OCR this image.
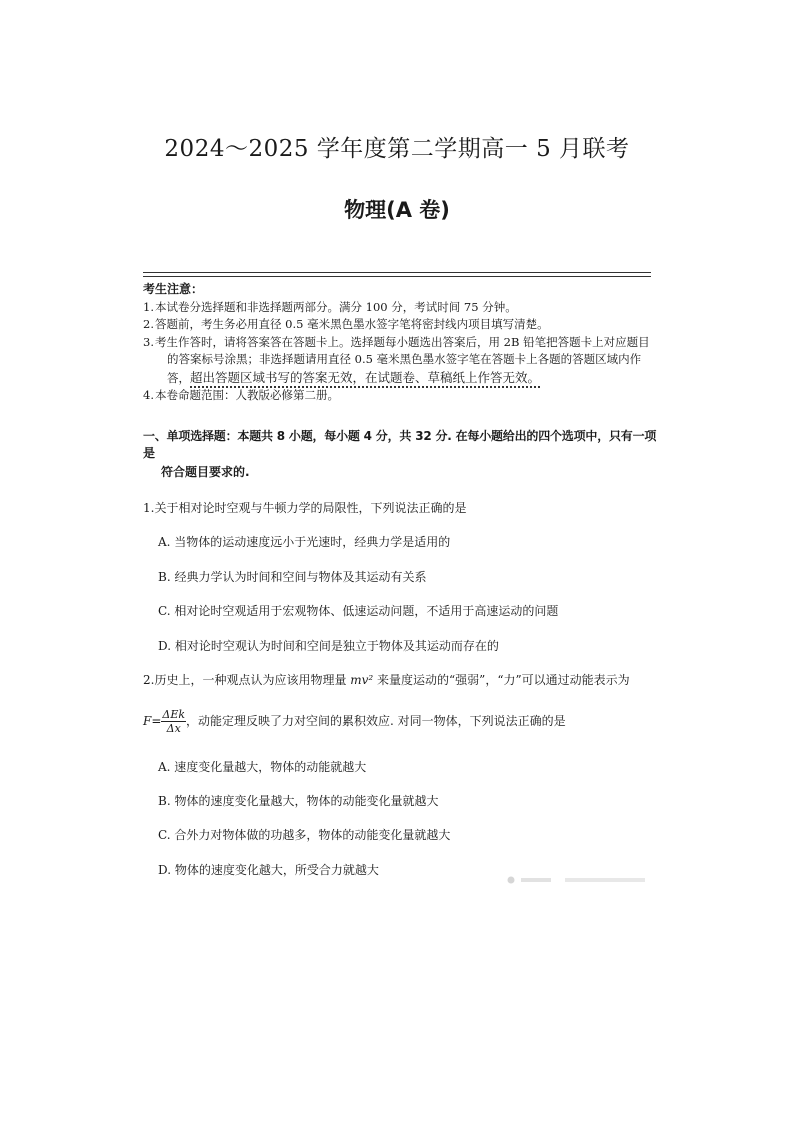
2024～2025 学年度第二学期高一 5 月联考
物理(A 卷)
考生注意：
1.本试卷分选择题和非选择题两部分。满分 100 分，考试时间 75 分钟。
2.答题前，考生务必用直径 0.5 毫米黑色墨水签字笔将密封线内项目填写清楚。
3.考生作答时，请将答案答在答题卡上。选择题每小题选出答案后，用 2B 铅笔把答题卡上对应题目的答案标号涂黑；非选择题请用直径 0.5 毫米黑色墨水签字笔在答题卡上各题的答题区域内作答，超出答题区域书写的答案无效，在试题卷、草稿纸上作答无效。
4.本卷命题范围：人教版必修第二册。
一、单项选择题：本题共 8 小题，每小题 4 分，共 32 分. 在每小题给出的四个选项中，只有一项是
符合题目要求的.
1.关于相对论时空观与牛顿力学的局限性，下列说法正确的是
A. 当物体的运动速度远小于光速时，经典力学是适用的
B. 经典力学认为时间和空间与物体及其运动有关系
C. 相对论时空观适用于宏观物体、低速运动问题，不适用于高速运动的问题
D. 相对论时空观认为时间和空间是独立于物体及其运动而存在的
2.历史上，一种观点认为应该用物理量 mv² 来量度运动的“强弱”，“力”可以通过动能表示为
$F= \frac{\text{ΔEk}}{\Delta x}$ ，动能定理反映了力对空间的累积效应. 对同一物体，下列说法正确的是
A. 速度变化量越大，物体的动能就越大
B. 物体的速度变化量越大，物体的动能变化量就越大
C. 合外力对物体做的功越多，物体的动能变化量就越大
D. 物体的速度变化越大，所受合力就越大
